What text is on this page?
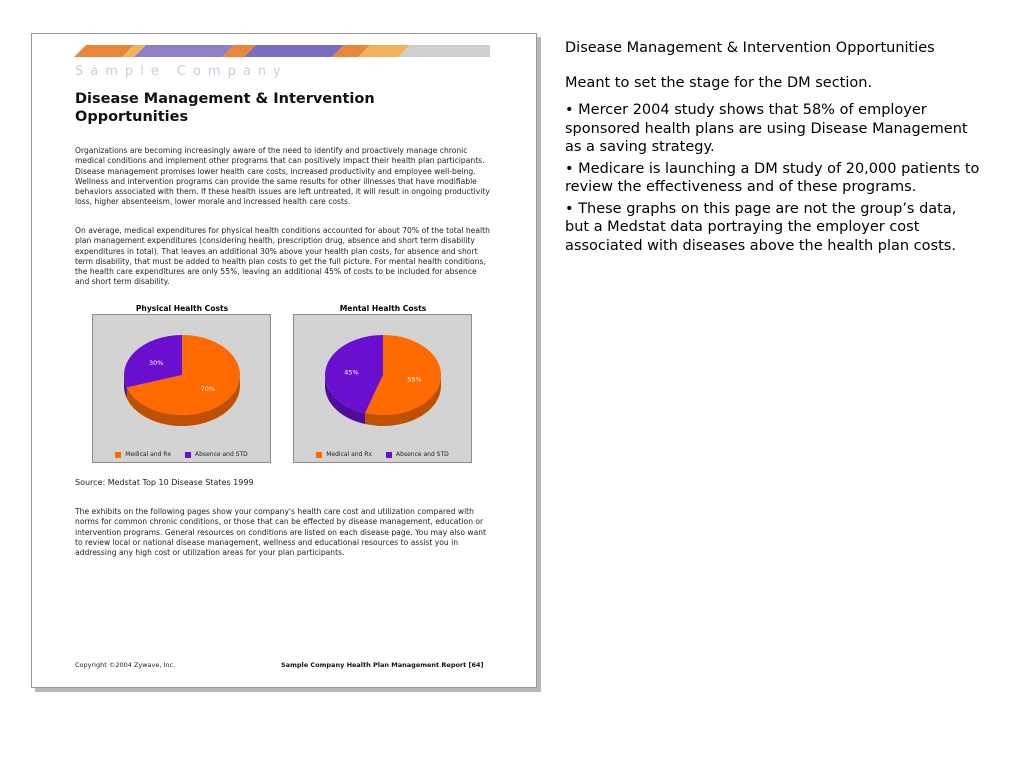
Sample Company
Disease Management & Intervention Opportunities

Organizations are becoming increasingly aware of the need to identify and proactively manage chronic medical conditions and implement other programs that can positively impact their health plan participants. Disease management promises lower health care costs, increased productivity and employee well-being. Wellness and intervention programs can provide the same results for other illnesses that have modifiable behaviors associated with them. If these health issues are left untreated, it will result in ongoing productivity loss, higher absenteeism, lower morale and increased health care costs.

On average, medical expenditures for physical health conditions accounted for about 70% of the total health plan management expenditures (considering health, prescription drug, absence and short term disability expenditures in total). That leaves an additional 30% above your health plan costs, for absence and short term disability, that must be added to health plan costs to get the full picture. For mental health conditions, the health care expenditures are only 55%, leaving an additional 45% of costs to be included for absence and short term disability.

Physical Health Costs
70%
30%
Medical and Rx	Absence and STD
Mental Health Costs
55%
45%
Medical and Rx	Absence and STD
Source: Medstat Top 10 Disease States 1999

The exhibits on the following pages show your company's health care cost and utilization compared with norms for common chronic conditions, or those that can be effected by disease management, education or intervention programs. General resources on conditions are listed on each disease page. You may also want to review local or national disease management, wellness and educational resources to assist you in addressing any high cost or utilization areas for your plan participants.

Copyright ©2004 Zywave, Inc.	Sample Company Health Plan Management Report [64]

Disease Management & Intervention Opportunities

Meant to set the stage for the DM section.

• Mercer 2004 study shows that 58% of employer sponsored health plans are using Disease Management as a saving strategy.

• Medicare is launching a DM study of 20,000 patients to review the effectiveness and of these programs.

• These graphs on this page are not the group’s data, but a Medstat data portraying the employer cost associated with diseases above the health plan costs.
